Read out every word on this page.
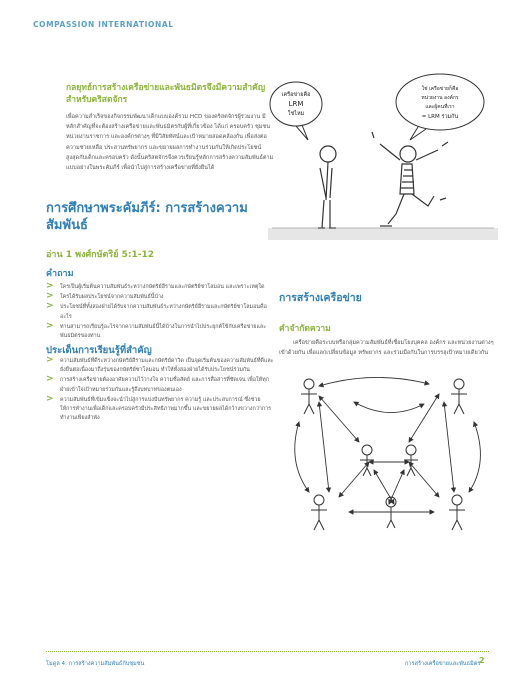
COMPASSION INTERNATIONAL
กลยุทธ์การสร้างเครือข่ายและพันธมิตรจึงมีความสำคัญสำหรับคริสตจักร
เพื่อความสำเร็จของกิจกรรมพัฒนาเด็กแบบองค์รวม HCD ของคริสตจักรผู้ร่วมงาน มีหลักสำคัญที่จะต้องสร้างเครือข่ายและพันธมิตรกับผู้ที่เกี่ยวข้อง ได้แก่ ครอบครัว ชุมชน หน่วยงานราชการ และองค์กรต่างๆ ที่มีวิสัยทัศน์และเป้าหมายสอดคล้องกัน เพื่อส่งต่อความช่วยเหลือ ประสานทรัพยากร และขยายผลการทำงานร่วมกันให้เกิดประโยชน์สูงสุดกับเด็กและครอบครัว ดังนั้นคริสตจักรจึงควรเรียนรู้หลักการสร้างความสัมพันธ์ตามแบบอย่างในพระคัมภีร์ เพื่อนำไปสู่การสร้างเครือข่ายที่ยั่งยืนได้
การศึกษาพระคัมภีร์: การสร้างความสัมพันธ์
อ่าน 1 พงศ์กษัตริย์ 5:1-12
คำถาม
> ใครเป็นผู้เริ่มต้นความสัมพันธ์ระหว่างกษัตริย์ฮีรามและกษัตริย์ซาโลมอน และเพราะเหตุใด
> ใครได้รับผลประโยชน์จากความสัมพันธ์นี้บ้าง
> ประโยชน์ที่ทั้งสองฝ่ายได้รับจากความสัมพันธ์ระหว่างกษัตริย์ฮีรามและกษัตริย์ซาโลมอนคืออะไร
> ท่านสามารถเรียนรู้อะไรจากความสัมพันธ์นี้ได้บ้างในการนำไปประยุกต์ใช้กับเครือข่ายและพันธมิตรของท่าน
ประเด็นการเรียนรู้ที่สำคัญ
> ความสัมพันธ์ที่ดีระหว่างกษัตริย์ฮีรามและกษัตริย์ดาวิด เป็นจุดเริ่มต้นของความสัมพันธ์ที่ดีและยั่งยืนต่อเนื่องมาถึงรุ่นของกษัตริย์ซาโลมอน ทำให้ทั้งสองฝ่ายได้รับประโยชน์ร่วมกัน
> การสร้างเครือข่ายต้องอาศัยความไว้วางใจ ความซื่อสัตย์ และการสื่อสารที่ชัดเจน เพื่อให้ทุกฝ่ายเข้าใจเป้าหมายร่วมกันและรู้ถึงบทบาทของตนเอง
> ความสัมพันธ์ที่เข้มแข็งจะนำไปสู่การแบ่งปันทรัพยากร ความรู้ และประสบการณ์ ซึ่งช่วยให้การทำงานเพื่อเด็กและครอบครัวมีประสิทธิภาพมากขึ้น และขยายผลได้กว้างขวางกว่าการทำงานเพียงลำพัง
เครือข่ายคือ
LRM
ใช่ไหม
ใช่ เครือข่ายก็คือ
หน่วยงาน องค์กร
และผู้คนที่เรา
= LRM ร่วมกัน
การสร้างเครือข่าย
คำจำกัดความ
เครือข่ายคือระบบหรือกลุ่มความสัมพันธ์ที่เชื่อมโยงบุคคล องค์กร และหน่วยงานต่างๆ เข้าด้วยกัน เพื่อแลกเปลี่ยนข้อมูล ทรัพยากร และร่วมมือกันในการบรรลุเป้าหมายเดียวกัน
โมดูล 4: การสร้างความสัมพันธ์กับชุมชน	การสร้างเครือข่ายและพันธมิตร
2
